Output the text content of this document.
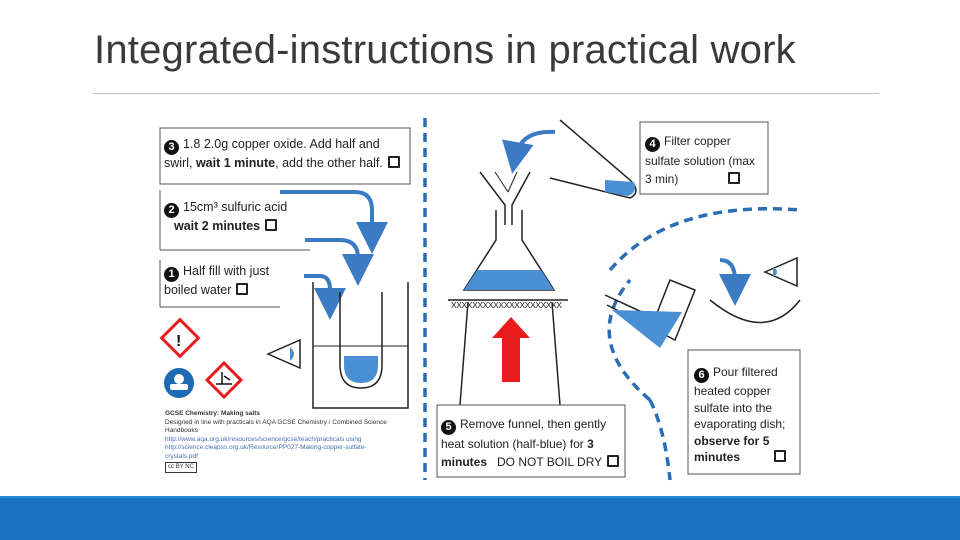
Integrated-instructions in practical work
!
3 1.8 2.0g copper oxide. Add half and
swirl, wait 1 minute, add the other half.
2 15cm³ sulfuric acid
wait 2 minutes
1 Half fill with just
boiled water
4 Filter copper
sulfate solution (max
3 min)
5 Remove funnel, then gently
heat solution (half-blue) for 3
minutes   DO NOT BOIL DRY
6 Pour filtered
heated copper
sulfate into the
evaporating dish;
observe for 5
minutes
XXXXXXXXXXXXXXXXXXXXX
GCSE Chemistry: Making salts
Designed in line with practicals in AQA GCSE Chemistry / Combined Science
Handbooks
http://www.aqa.org.uk/resources/science/gcse/teach/practicals using
http://science.cleapss.org.uk/Resource/PP027-Making-copper-sulfate-
crystals.pdf
cc BY NC
